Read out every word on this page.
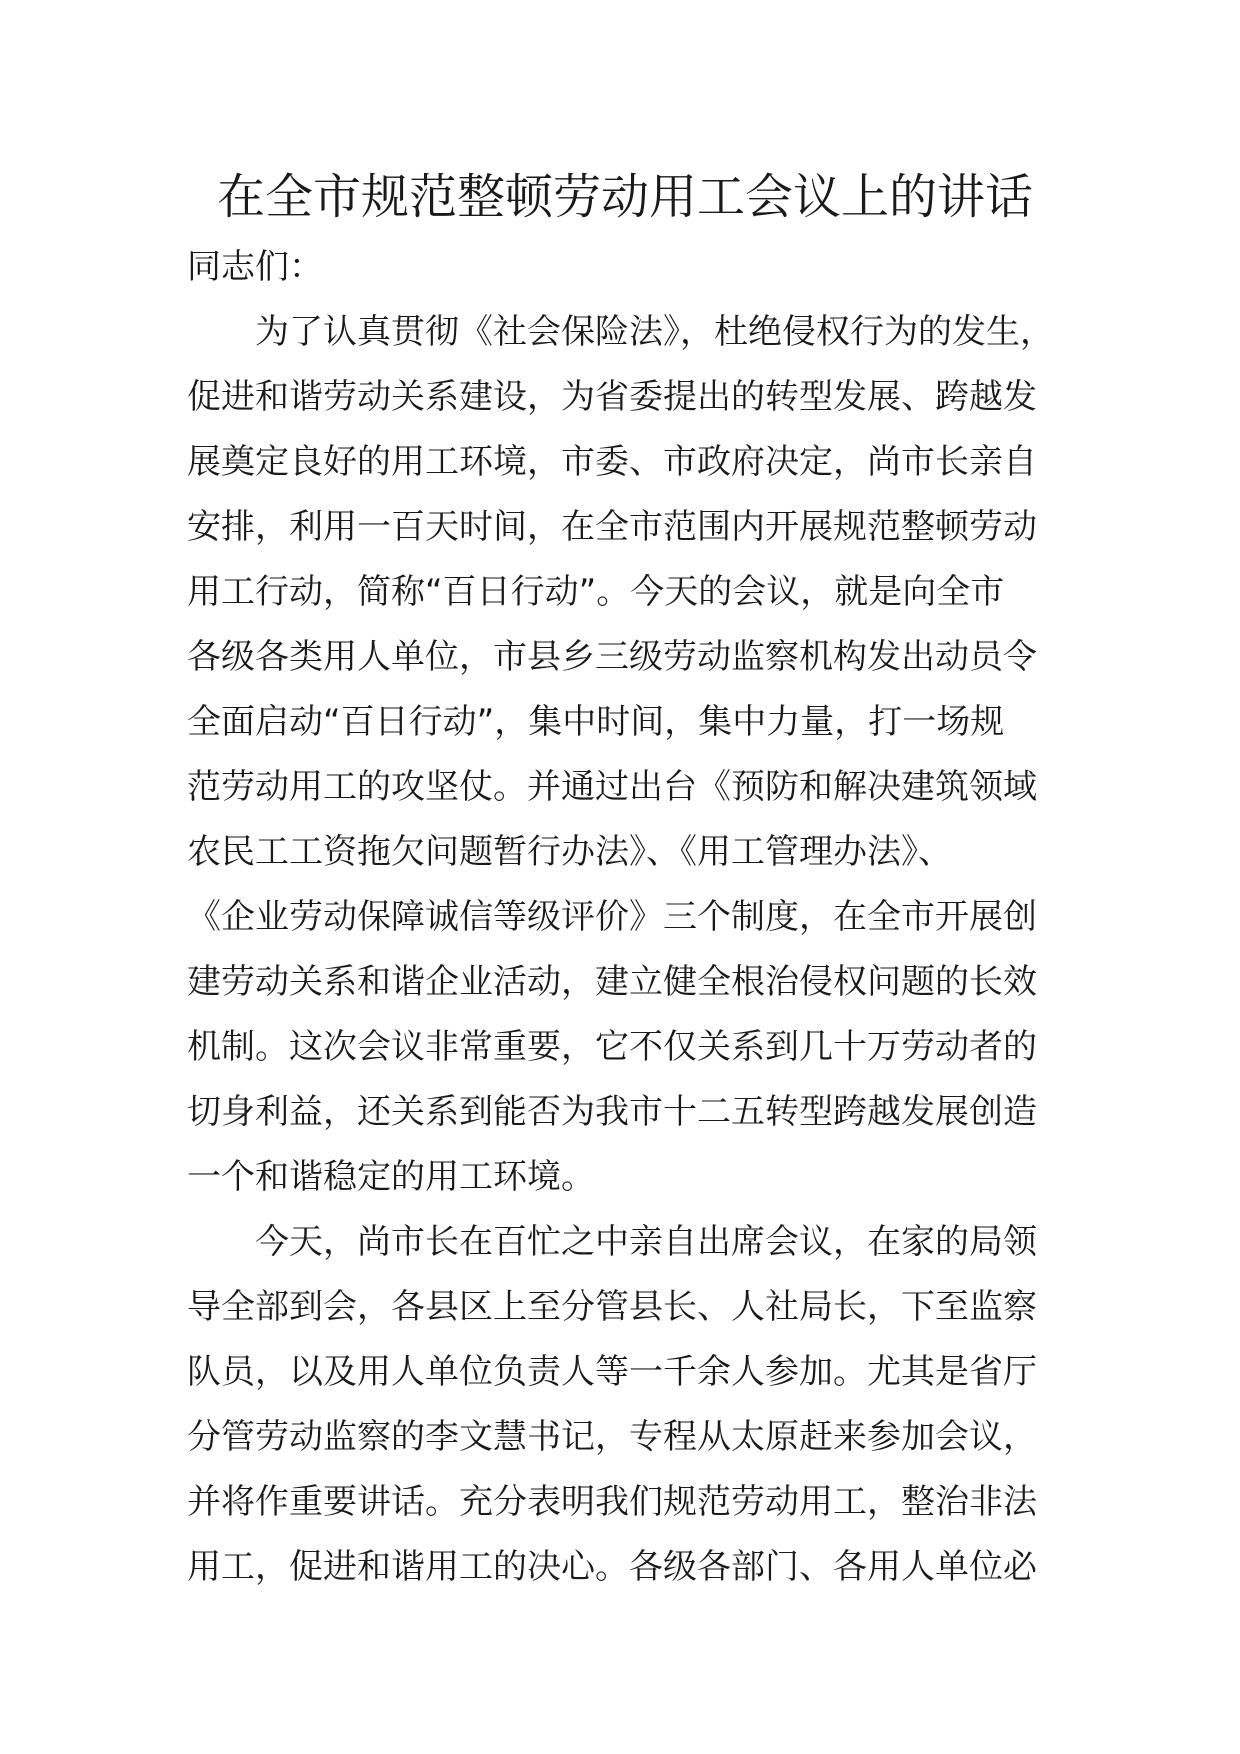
在全市规范整顿劳动用工会议上的讲话
同志们：
为了认真贯彻《社会保险法》，杜绝侵权行为的发生，
促进和谐劳动关系建设，为省委提出的转型发展、跨越发
展奠定良好的用工环境，市委、市政府决定，尚市长亲自
安排，利用一百天时间，在全市范围内开展规范整顿劳动
用工行动，简称“百日行动”。今天的会议，就是向全市
各级各类用人单位，市县乡三级劳动监察机构发出动员令
全面启动“百日行动”，集中时间，集中力量，打一场规
范劳动用工的攻坚仗。并通过出台《预防和解决建筑领域
农民工工资拖欠问题暂行办法》、《用工管理办法》、
《企业劳动保障诚信等级评价》三个制度，在全市开展创
建劳动关系和谐企业活动，建立健全根治侵权问题的长效
机制。这次会议非常重要，它不仅关系到几十万劳动者的
切身利益，还关系到能否为我市十二五转型跨越发展创造
一个和谐稳定的用工环境。
今天，尚市长在百忙之中亲自出席会议，在家的局领
导全部到会，各县区上至分管县长、人社局长，下至监察
队员，以及用人单位负责人等一千余人参加。尤其是省厅
分管劳动监察的李文慧书记，专程从太原赶来参加会议，
并将作重要讲话。充分表明我们规范劳动用工，整治非法
用工，促进和谐用工的决心。各级各部门、各用人单位必
